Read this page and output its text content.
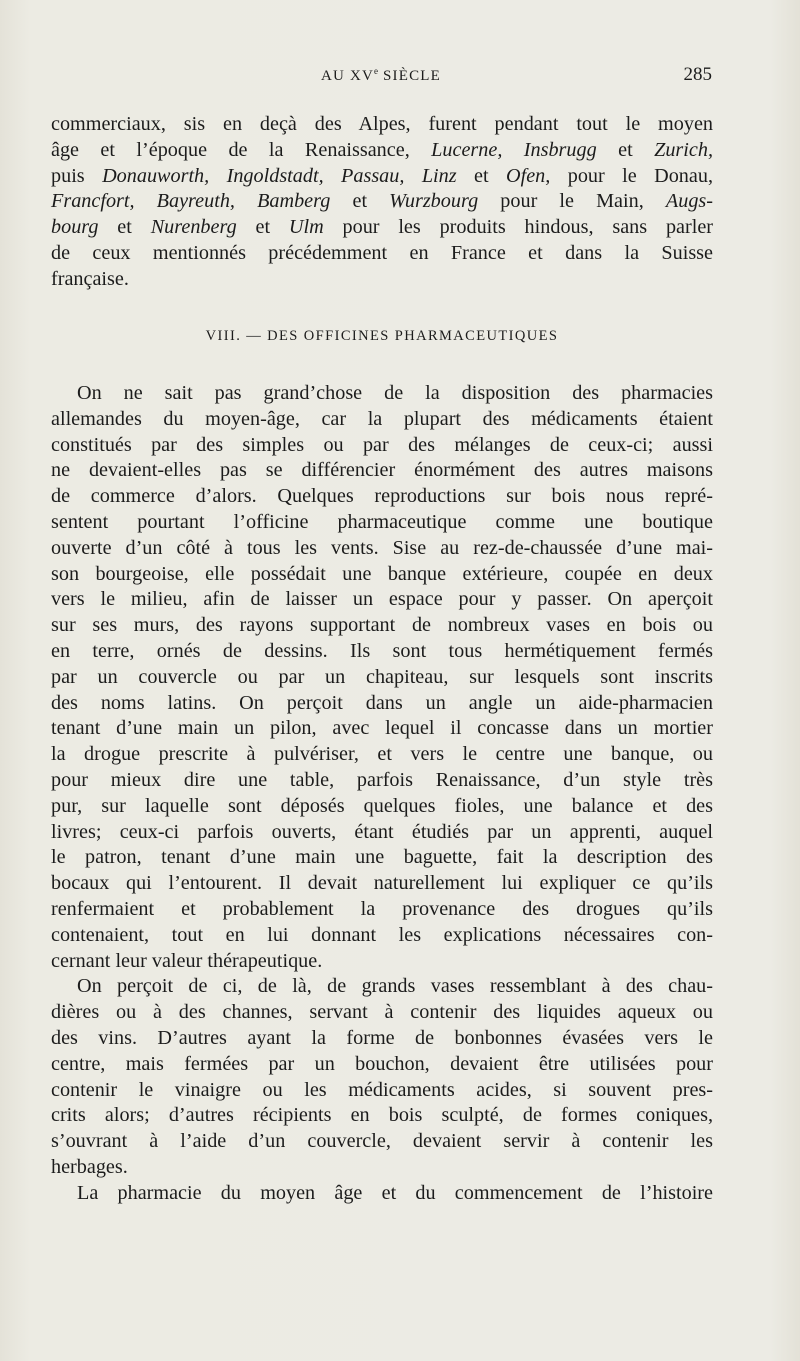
AU XVe SIÈCLE	285
commerciaux, sis en deçà des Alpes, furent pendant tout le moyen
âge et l’époque de la Renaissance, Lucerne, Insbrugg et Zurich,
puis Donauworth, Ingoldstadt, Passau, Linz et Ofen, pour le Donau,
Francfort, Bayreuth, Bamberg et Wurzbourg pour le Main, Augs-
bourg et Nurenberg et Ulm pour les produits hindous, sans parler
de ceux mentionnés précédemment en France et dans la Suisse
française.
VIII. — DES OFFICINES PHARMACEUTIQUES
On ne sait pas grand’chose de la disposition des pharmacies
allemandes du moyen-âge, car la plupart des médicaments étaient
constitués par des simples ou par des mélanges de ceux-ci; aussi
ne devaient-elles pas se différencier énormément des autres maisons
de commerce d’alors. Quelques reproductions sur bois nous repré-
sentent pourtant l’officine pharmaceutique comme une boutique
ouverte d’un côté à tous les vents. Sise au rez-de-chaussée d’une mai-
son bourgeoise, elle possédait une banque extérieure, coupée en deux
vers le milieu, afin de laisser un espace pour y passer. On aperçoit
sur ses murs, des rayons supportant de nombreux vases en bois ou
en terre, ornés de dessins. Ils sont tous hermétiquement fermés
par un couvercle ou par un chapiteau, sur lesquels sont inscrits
des noms latins. On perçoit dans un angle un aide-pharmacien
tenant d’une main un pilon, avec lequel il concasse dans un mortier
la drogue prescrite à pulvériser, et vers le centre une banque, ou
pour mieux dire une table, parfois Renaissance, d’un style très
pur, sur laquelle sont déposés quelques fioles, une balance et des
livres; ceux-ci parfois ouverts, étant étudiés par un apprenti, auquel
le patron, tenant d’une main une baguette, fait la description des
bocaux qui l’entourent. Il devait naturellement lui expliquer ce qu’ils
renfermaient et probablement la provenance des drogues qu’ils
contenaient, tout en lui donnant les explications nécessaires con-
cernant leur valeur thérapeutique.
On perçoit de ci, de là, de grands vases ressemblant à des chau-
dières ou à des channes, servant à contenir des liquides aqueux ou
des vins. D’autres ayant la forme de bonbonnes évasées vers le
centre, mais fermées par un bouchon, devaient être utilisées pour
contenir le vinaigre ou les médicaments acides, si souvent pres-
crits alors; d’autres récipients en bois sculpté, de formes coniques,
s’ouvrant à l’aide d’un couvercle, devaient servir à contenir les
herbages.
La pharmacie du moyen âge et du commencement de l’histoire
